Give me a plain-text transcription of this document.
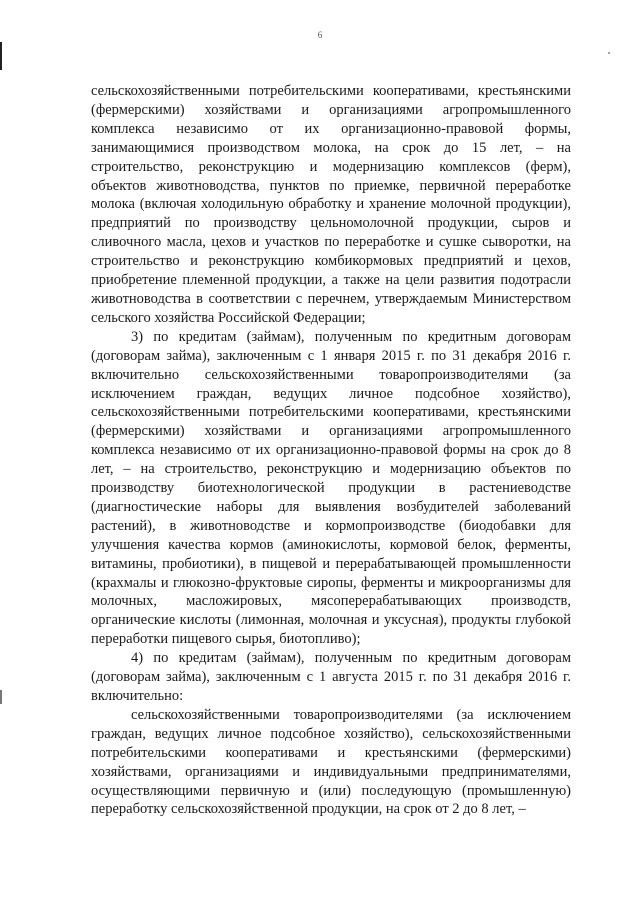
6

сельскохозяйственными потребительскими кооперативами, крестьянскими (фермерскими) хозяйствами и организациями агропромышленного комплекса независимо от их организационно-правовой формы, занимающимися производством молока, на срок до 15 лет, – на строительство, реконструкцию и модернизацию комплексов (ферм), объектов животноводства, пунктов по приемке, первичной переработке молока (включая холодильную обработку и хранение молочной продукции), предприятий по производству цельномолочной продукции, сыров и сливочного масла, цехов и участков по переработке и сушке сыворотки, на строительство и реконструкцию комбикормовых предприятий и цехов, приобретение племенной продукции, а также на цели развития подотрасли животноводства в соответствии с перечнем, утверждаемым Министерством сельского хозяйства Российской Федерации;

3) по кредитам (займам), полученным по кредитным договорам (договорам займа), заключенным с 1 января 2015 г. по 31 декабря 2016 г. включительно сельскохозяйственными товаропроизводителями (за исключением граждан, ведущих личное подсобное хозяйство), сельскохозяйственными потребительскими кооперативами, крестьянскими (фермерскими) хозяйствами и организациями агропромышленного комплекса независимо от их организационно-правовой формы на срок до 8 лет, – на строительство, реконструкцию и модернизацию объектов по производству биотехнологической продукции в растениеводстве (диагностические наборы для выявления возбудителей заболеваний растений), в животноводстве и кормопроизводстве (биодобавки для улучшения качества кормов (аминокислоты, кормовой белок, ферменты, витамины, пробиотики), в пищевой и перерабатывающей промышленности (крахмалы и глюкозно-фруктовые сиропы, ферменты и микроорганизмы для молочных, масложировых, мясоперерабатывающих производств, органические кислоты (лимонная, молочная и уксусная), продукты глубокой переработки пищевого сырья, биотопливо);

4) по кредитам (займам), полученным по кредитным договорам (договорам займа), заключенным с 1 августа 2015 г. по 31 декабря 2016 г. включительно:

сельскохозяйственными товаропроизводителями (за исключением граждан, ведущих личное подсобное хозяйство), сельскохозяйственными потребительскими кооперативами и крестьянскими (фермерскими) хозяйствами, организациями и индивидуальными предпринимателями, осуществляющими первичную и (или) последующую (промышленную) переработку сельскохозяйственной продукции, на срок от 2 до 8 лет, –
